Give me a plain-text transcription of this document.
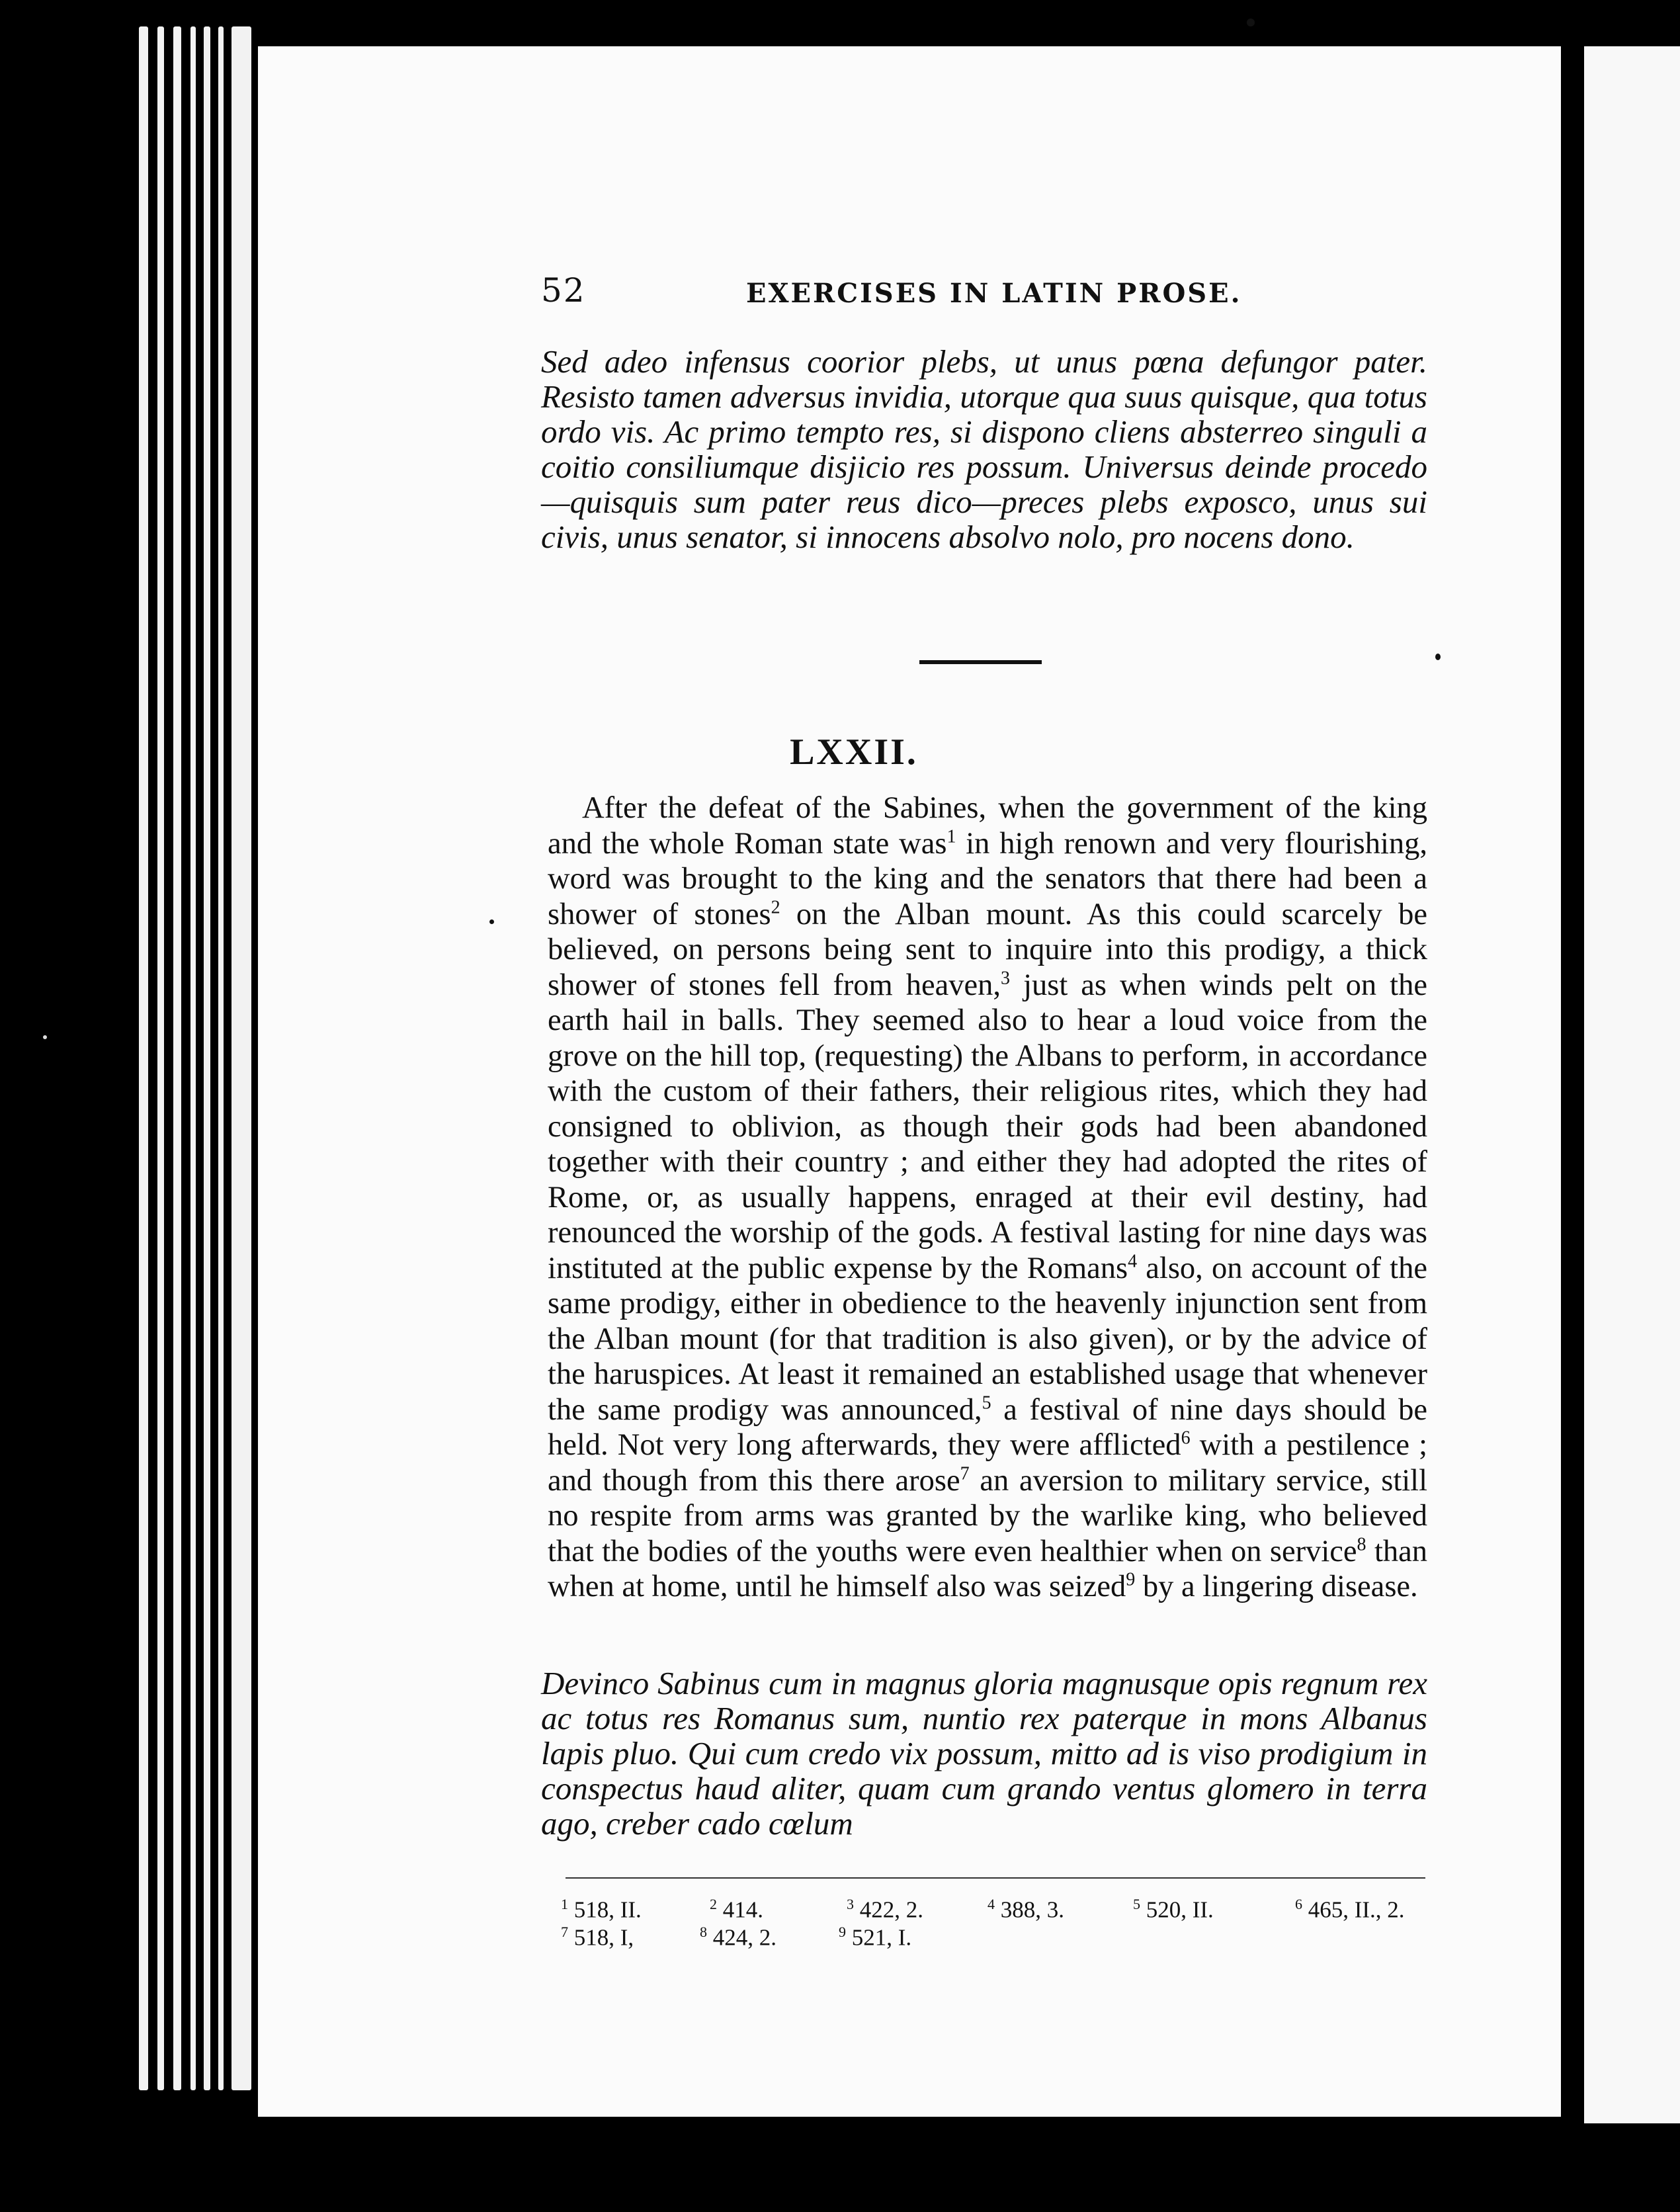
52	EXERCISES IN LATIN PROSE.
Sed adeo infensus coorior plebs, ut unus pœna defungor pater. Resisto tamen adversus invidia, utorque qua suus quisque, qua totus ordo vis. Ac primo tempto res, si dispono cliens absterreo singuli a coitio consiliumque disjicio res possum. Universus deinde procedo—quisquis sum pater reus dico—preces plebs exposco, unus sui civis, unus senator, si innocens absolvo nolo, pro nocens dono.
LXXII.
After the defeat of the Sabines, when the government of the king and the whole Roman state was$^1$ in high renown and very flourishing, word was brought to the king and the senators that there had been a shower of stones$^2$ on the Alban mount. As this could scarcely be believed, on persons being sent to inquire into this prodigy, a thick shower of stones fell from heaven,$^3$ just as when winds pelt on the earth hail in balls. They seemed also to hear a loud voice from the grove on the hill top, (requesting) the Albans to perform, in accordance with the custom of their fathers, their religious rites, which they had consigned to oblivion, as though their gods had been abandoned together with their country ; and either they had adopted the rites of Rome, or, as usually happens, enraged at their evil destiny, had renounced the worship of the gods. A festival lasting for nine days was instituted at the public expense by the Romans$^4$ also, on account of the same prodigy, either in obedience to the heavenly injunction sent from the Alban mount (for that tradition is also given), or by the advice of the haruspices. At least it remained an established usage that whenever the same prodigy was announced,$^5$ a festival of nine days should be held. Not very long afterwards, they were afflicted$^6$ with a pestilence ; and though from this there arose$^7$ an aversion to military service, still no respite from arms was granted by the warlike king, who believed that the bodies of the youths were even healthier when on service$^8$ than when at home, until he himself also was seized$^9$ by a lingering disease.
Devinco Sabinus cum in magnus gloria magnusque opis regnum rex ac totus res Romanus sum, nuntio rex paterque in mons Albanus lapis pluo. Qui cum credo vix possum, mitto ad is viso prodigium in conspectus haud aliter, quam cum grando ventus glomero in terra ago, creber cado cœlum
$^1$ 518, II.	$^2$ 414.	$^3$ 422, 2.	$^4$ 388, 3.	$^5$ 520, II.	$^6$ 465, II., 2.
$^7$ 518, I,	$^8$ 424, 2.	$^9$ 521, I.
